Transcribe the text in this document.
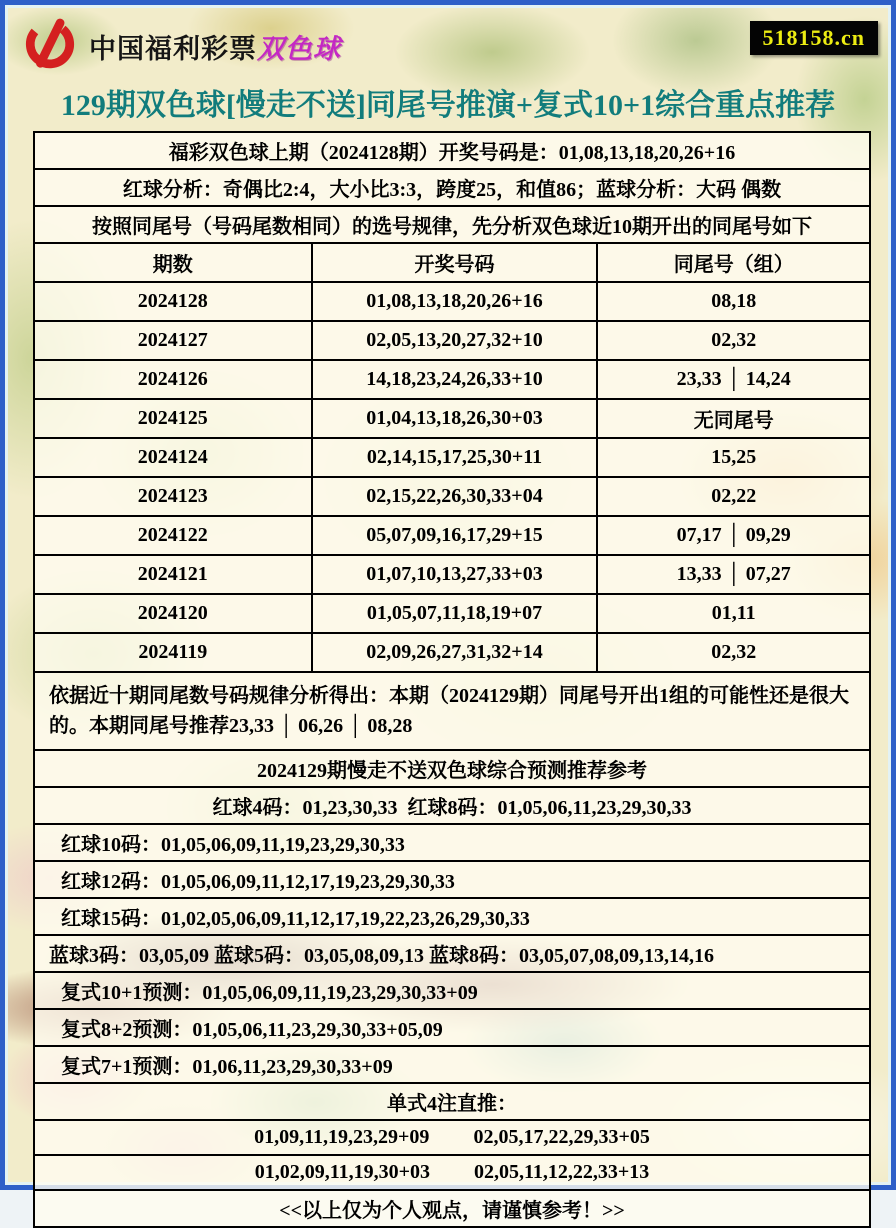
中国福利彩票双色球	518158.cn
129期双色球[慢走不送]同尾号推演+复式10+1综合重点推荐
福彩双色球上期（2024128期）开奖号码是：01,08,13,18,20,26+16
红球分析：奇偶比2:4，大小比3:3，跨度25，和值86；蓝球分析：大码 偶数
按照同尾号（号码尾数相同）的选号规律，先分析双色球近10期开出的同尾号如下
期数	开奖号码	同尾号（组）
2024128	01,08,13,18,20,26+16	08,18
2024127	02,05,13,20,27,32+10	02,32
2024126	14,18,23,24,26,33+10	23,33 │ 14,24
2024125	01,04,13,18,26,30+03	无同尾号
2024124	02,14,15,17,25,30+11	15,25
2024123	02,15,22,26,30,33+04	02,22
2024122	05,07,09,16,17,29+15	07,17 │ 09,29
2024121	01,07,10,13,27,33+03	13,33 │ 07,27
2024120	01,05,07,11,18,19+07	01,11
2024119	02,09,26,27,31,32+14	02,32
依据近十期同尾数号码规律分析得出：本期（2024129期）同尾号开出1组的可能性还是很大的。本期同尾号推荐23,33 │ 06,26 │ 08,28
2024129期慢走不送双色球综合预测推荐参考
红球4码：01,23,30,33  红球8码：01,05,06,11,23,29,30,33
红球10码：01,05,06,09,11,19,23,29,30,33
红球12码：01,05,06,09,11,12,17,19,23,29,30,33
红球15码：01,02,05,06,09,11,12,17,19,22,23,26,29,30,33
蓝球3码：03,05,09 蓝球5码：03,05,08,09,13 蓝球8码：03,05,07,08,09,13,14,16
复式10+1预测：01,05,06,09,11,19,23,29,30,33+09
复式8+2预测：01,05,06,11,23,29,30,33+05,09
复式7+1预测：01,06,11,23,29,30,33+09
单式4注直推：
01,09,11,19,23,29+09 02,05,17,22,29,33+05
01,02,09,11,19,30+03 02,05,11,12,22,33+13
<<以上仅为个人观点，请谨慎参考！>>
